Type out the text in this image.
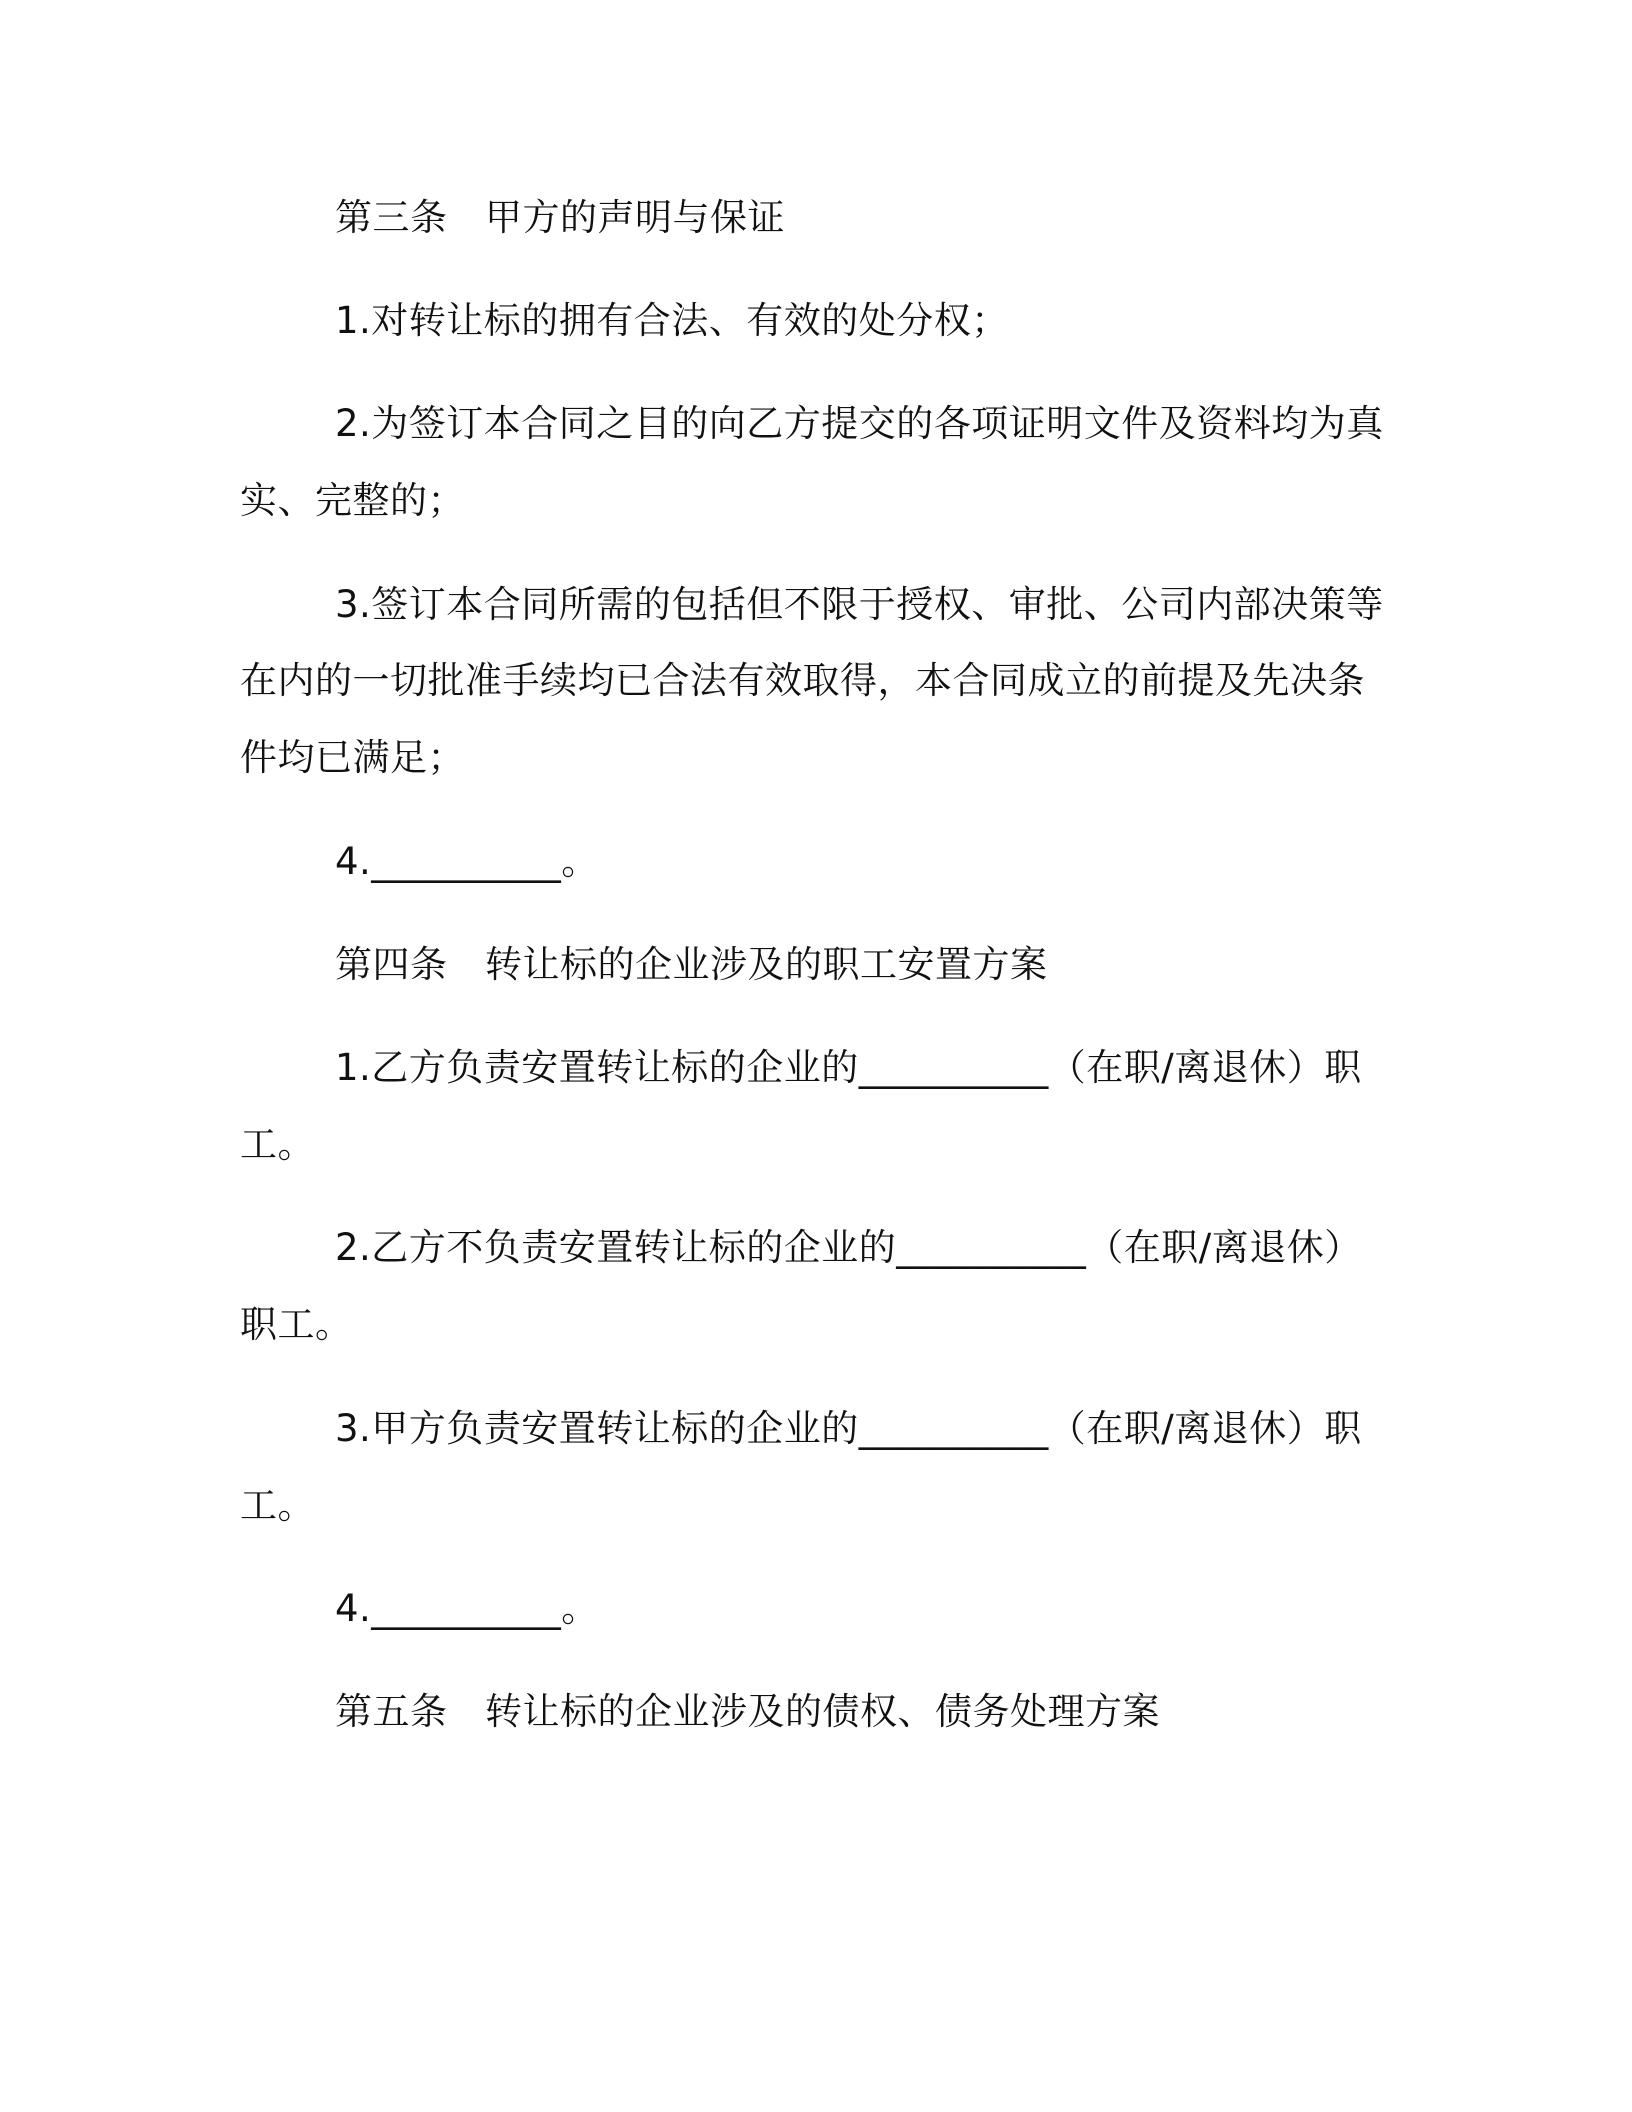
第三条　甲方的声明与保证
1.对转让标的拥有合法、有效的处分权；
2.为签订本合同之目的向乙方提交的各项证明文件及资料均为真
实、完整的；
3.签订本合同所需的包括但不限于授权、审批、公司内部决策等
在内的一切批准手续均已合法有效取得，本合同成立的前提及先决条
件均已满足；
4.__________。
第四条　转让标的企业涉及的职工安置方案
1.乙方负责安置转让标的企业的__________（在职/离退休）职
工。
2.乙方不负责安置转让标的企业的__________（在职/离退休）
职工。
3.甲方负责安置转让标的企业的__________（在职/离退休）职
工。
4.__________。
第五条　转让标的企业涉及的债权、债务处理方案
